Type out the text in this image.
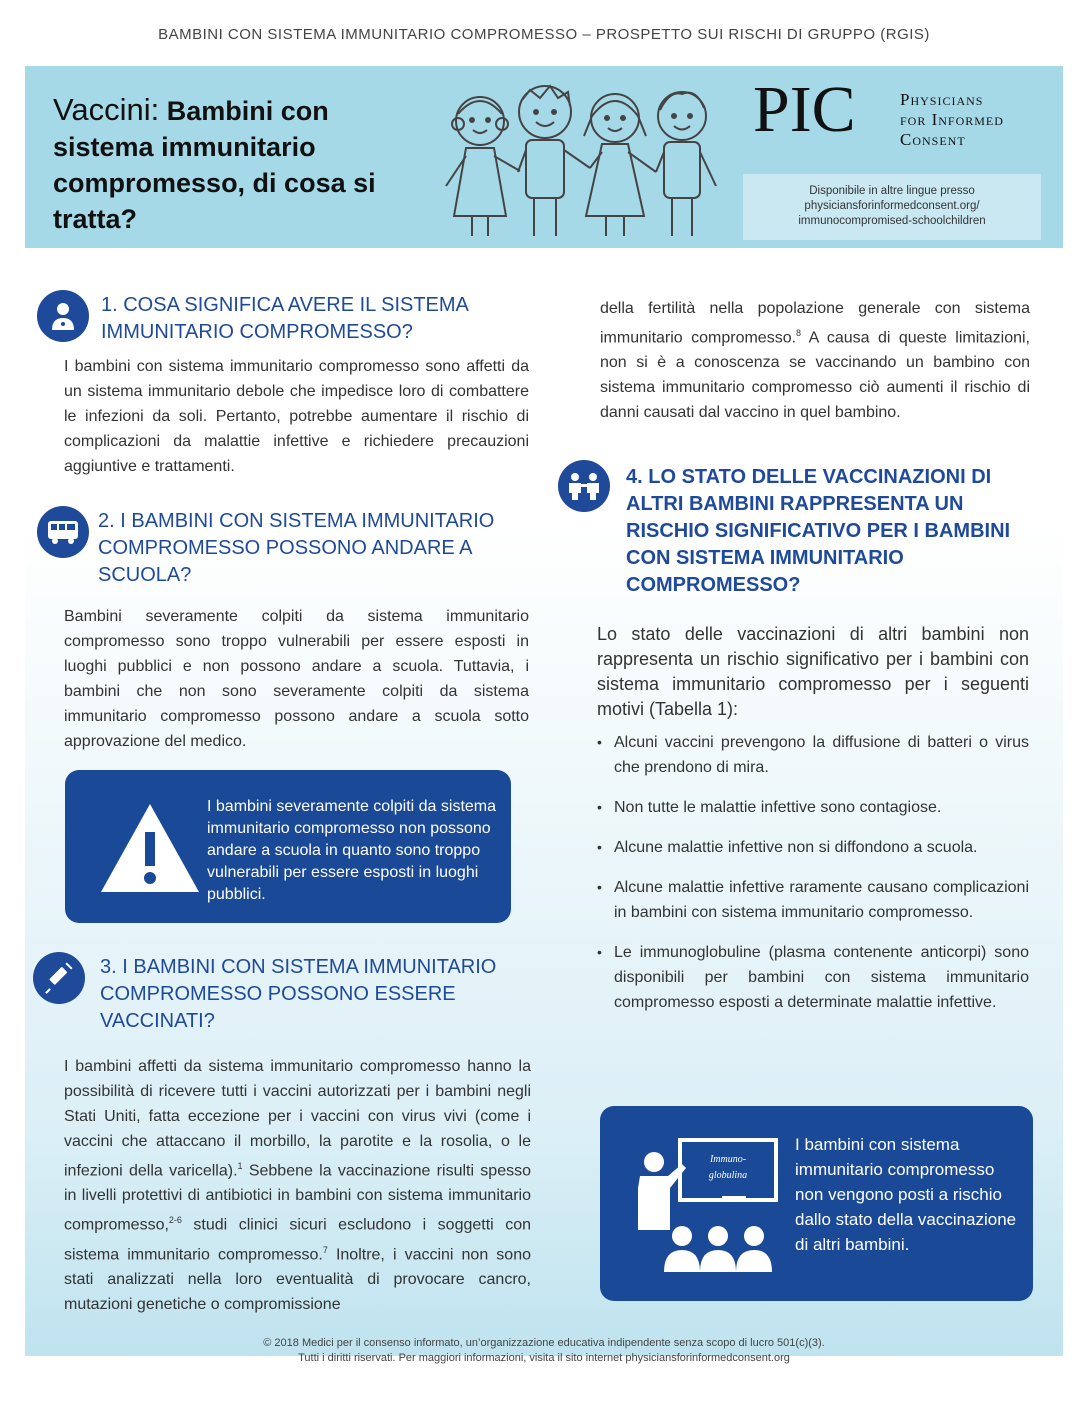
BAMBINI CON SISTEMA IMMUNITARIO COMPROMESSO – PROSPETTO SUI RISCHI DI GRUPPO (RGIS)
Vaccini: Bambini con sistema immunitario compromesso, di cosa si tratta?
PIC	Physicians
for Informed
Consent
Disponibile in altre lingue presso
physiciansforinformedconsent.org/
immunocompromised-schoolchildren
1. COSA SIGNIFICA AVERE IL SISTEMA IMMUNITARIO COMPROMESSO?
I bambini con sistema immunitario compromesso sono affetti da un sistema immunitario debole che impedisce loro di combattere le infezioni da soli. Pertanto, potrebbe aumentare il rischio di complicazioni da malattie infettive e richiedere precauzioni aggiuntive e trattamenti.
2. I BAMBINI CON SISTEMA IMMUNITARIO COMPROMESSO POSSONO ANDARE A SCUOLA?
Bambini severamente colpiti da sistema immunitario compromesso sono troppo vulnerabili per essere esposti in luoghi pubblici e non possono andare a scuola. Tuttavia, i bambini che non sono severamente colpiti da sistema immunitario compromesso possono andare a scuola sotto approvazione del medico.
I bambini severamente colpiti da sistema immunitario compromesso non possono andare a scuola in quanto sono troppo vulnerabili per essere esposti in luoghi pubblici.
3. I BAMBINI CON SISTEMA IMMUNITARIO COMPROMESSO POSSONO ESSERE VACCINATI?
I bambini affetti da sistema immunitario compromesso hanno la possibilità di ricevere tutti i vaccini autorizzati per i bambini negli Stati Uniti, fatta eccezione per i vaccini con virus vivi (come i vaccini che attaccano il morbillo, la parotite e la rosolia, o le infezioni della varicella).$^1$ Sebbene la vaccinazione risulti spesso in livelli protettivi di antibiotici in bambini con sistema immunitario compromesso,$^{2-6}$ studi clinici sicuri escludono i soggetti con sistema immunitario compromesso.$^7$ Inoltre, i vaccini non sono stati analizzati nella loro eventualità di provocare cancro, mutazioni genetiche o compromissione
della fertilità nella popolazione generale con sistema immunitario compromesso.$^8$ A causa di queste limitazioni, non si è a conoscenza se vaccinando un bambino con sistema immunitario compromesso ciò aumenti il rischio di danni causati dal vaccino in quel bambino.
4. LO STATO DELLE VACCINAZIONI DI ALTRI BAMBINI RAPPRESENTA UN RISCHIO SIGNIFICATIVO PER I BAMBINI CON SISTEMA IMMUNITARIO COMPROMESSO?
Lo stato delle vaccinazioni di altri bambini non rappresenta un rischio significativo per i bambini con sistema immunitario compromesso per i seguenti motivi (Tabella 1):
• Alcuni vaccini prevengono la diffusione di batteri o virus che prendono di mira.
• Non tutte le malattie infettive sono contagiose.
• Alcune malattie infettive non si diffondono a scuola.
• Alcune malattie infettive raramente causano complicazioni in bambini con sistema immunitario compromesso.
• Le immunoglobuline (plasma contenente anticorpi) sono disponibili per bambini con sistema immunitario compromesso esposti a determinate malattie infettive.
Immuno-
globulina
I bambini con sistema immunitario compromesso non vengono posti a rischio dallo stato della vaccinazione di altri bambini.
© 2018 Medici per il consenso informato, un’organizzazione educativa indipendente senza scopo di lucro 501(c)(3).
Tutti i diritti riservati. Per maggiori informazioni, visita il sito internet physiciansforinformedconsent.org
